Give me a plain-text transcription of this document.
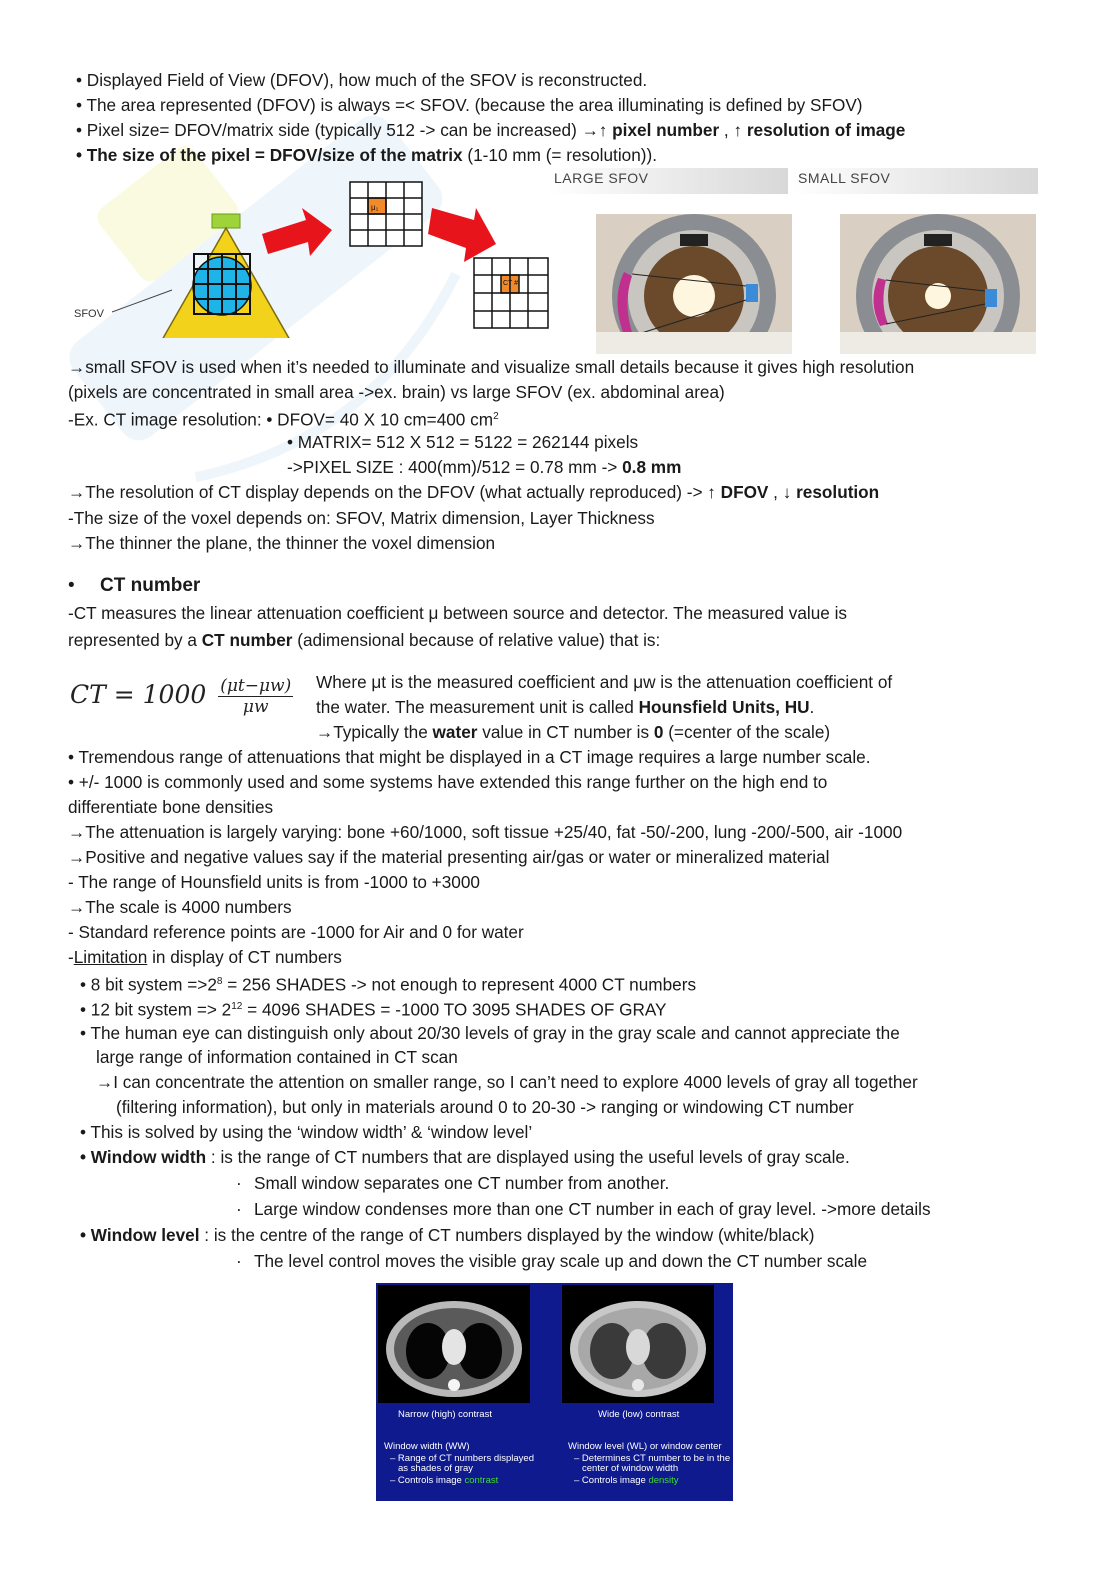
• Displayed Field of View (DFOV), how much of the SFOV is reconstructed.
• The area represented (DFOV) is always =< SFOV. (because the area illuminating is defined by SFOV)
• Pixel size= DFOV/matrix side (typically 512 -> can be increased) →↑ pixel number , ↑ resolution of image
• The size of the pixel = DFOV/size of the matrix (1-10 mm (= resolution)).
SFOV
μ₁
CT #
LARGE SFOV	SMALL SFOV
→small SFOV is used when it’s needed to illuminate and visualize small details because it gives high resolution
(pixels are concentrated in small area ->ex. brain) vs large SFOV (ex. abdominal area)
-Ex. CT image resolution: • DFOV= 40 X 10 cm=400 $cm^2$
• MATRIX= 512 X 512 = 5122 = 262144 pixels
->PIXEL SIZE : 400(mm)/512 = 0.78 mm -> 0.8 mm
→The resolution of CT display depends on the DFOV (what actually reproduced) -> ↑ DFOV , ↓ resolution
-The size of the voxel depends on: SFOV, Matrix dimension, Layer Thickness
→The thinner the plane, the thinner the voxel dimension
• CT number
-CT measures the linear attenuation coefficient μ between source and detector. The measured value is
represented by a CT number (adimensional because of relative value) that is:
CT = $1000 \frac{(\mu t-\mu w)}{\mu w}$ Where μt is the measured coefficient and μw is the attenuation coefficient of
the water. The measurement unit is called Hounsfield Units, HU.
→Typically the water value in CT number is 0 (=center of the scale)
• Tremendous range of attenuations that might be displayed in a CT image requires a large number scale.
• +/- 1000 is commonly used and some systems have extended this range further on the high end to
differentiate bone densities
→The attenuation is largely varying: bone +60/1000, soft tissue +25/40, fat -50/-200, lung -200/-500, air -1000
→Positive and negative values say if the material presenting air/gas or water or mineralized material
- The range of Hounsfield units is from -1000 to +3000
→The scale is 4000 numbers
- Standard reference points are -1000 for Air and 0 for water
-Limitation in display of CT numbers
• 8 bit system $=>2^8 = 256$ SHADES -> not enough to represent 4000 CT numbers
• 12 bit system => $2^{12} = 4096$ SHADES = -1000 TO 3095 SHADES OF GRAY
• The human eye can distinguish only about 20/30 levels of gray in the gray scale and cannot appreciate the
large range of information contained in CT scan
→I can concentrate the attention on smaller range, so I can’t need to explore 4000 levels of gray all together
(filtering information), but only in materials around 0 to 20-30 -> ranging or windowing CT number
• This is solved by using the ‘window width’ & ‘window level’
• Window width : is the range of CT numbers that are displayed using the useful levels of gray scale.
· Small window separates one CT number from another.
· Large window condenses more than one CT number in each of gray level. ->more details
• Window level : is the centre of the range of CT numbers displayed by the window (white/black)
· The level control moves the visible gray scale up and down the CT number scale
Narrow (high) contrast	Wide (low) contrast
Window width (WW)
– Range of CT numbers displayed
as shades of gray
– Controls image contrast
Window level (WL) or window center
– Determines CT number to be in the
center of window width
– Controls image density
